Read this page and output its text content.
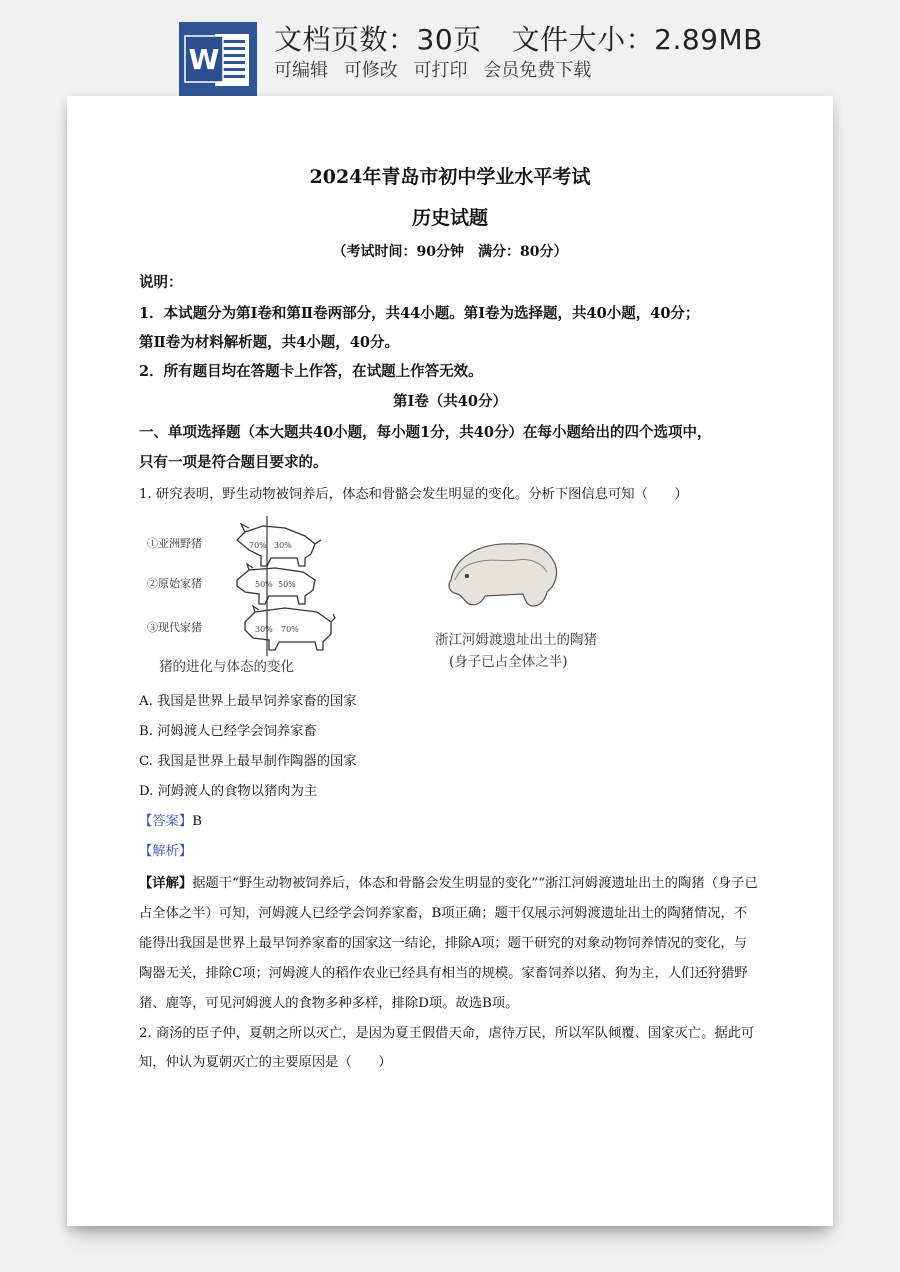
W
文档页数：30页 文件大小：2.89MB
可编辑 可修改 可打印 会员免费下载
2024年青岛市初中学业水平考试
历史试题
（考试时间：90分钟　满分：80分）
说明：
1．本试题分为第Ⅰ卷和第Ⅱ卷两部分，共44小题。第Ⅰ卷为选择题，共40小题，40分；
第Ⅱ卷为材料解析题，共4小题，40分。
2．所有题目均在答题卡上作答，在试题上作答无效。
第Ⅰ卷（共40分）
一、单项选择题（本大题共40小题，每小题1分，共40分）在每小题给出的四个选项中，
只有一项是符合题目要求的。
1. 研究表明，野生动物被饲养后，体态和骨骼会发生明显的变化。分析下图信息可知（　　）
①亚洲野猪	70% 30%
②原始家猪	50% 50%
③现代家猪	30% 70%
猪的进化与体态的变化
浙江河姆渡遗址出土的陶猪
(身子已占全体之半)
A. 我国是世界上最早饲养家畜的国家
B. 河姆渡人已经学会饲养家畜
C. 我国是世界上最早制作陶器的国家
D. 河姆渡人的食物以猪肉为主
【答案】B
【解析】
【详解】据题干“野生动物被饲养后，体态和骨骼会发生明显的变化”“浙江河姆渡遗址出土的陶猪（身子已
占全体之半）可知，河姆渡人已经学会饲养家畜，B项正确；题干仅展示河姆渡遗址出土的陶猪情况，不
能得出我国是世界上最早饲养家畜的国家这一结论，排除A项；题干研究的对象动物饲养情况的变化，与
陶器无关，排除C项；河姆渡人的稻作农业已经具有相当的规模。家畜饲养以猪、狗为主，人们还狩猎野
猪、鹿等，可见河姆渡人的食物多种多样，排除D项。故选B项。
2. 商汤的臣子仲，夏朝之所以灭亡，是因为夏王假借天命，虐待万民，所以军队倾覆、国家灭亡。据此可
知，仲认为夏朝灭亡的主要原因是（　　）
